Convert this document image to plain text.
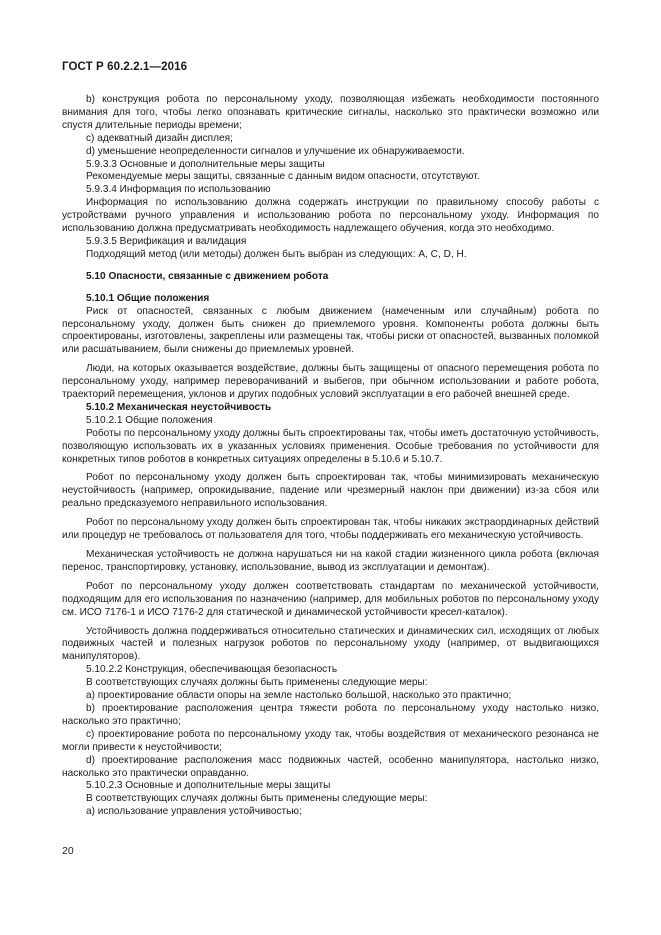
ГОСТ Р 60.2.2.1—2016

b) конструкция робота по персональному уходу, позволяющая избежать необходимости постоянного внимания для того, чтобы легко опознавать критические сигналы, насколько это практически возможно или спустя длительные периоды времени;

c) адекватный дизайн дисплея;

d) уменьшение неопределенности сигналов и улучшение их обнаруживаемости.

5.9.3.3 Основные и дополнительные меры защиты

Рекомендуемые меры защиты, связанные с данным видом опасности, отсутствуют.

5.9.3.4 Информация по использованию

Информация по использованию должна содержать инструкции по правильному способу работы с устройствами ручного управления и использованию робота по персональному уходу. Информация по использованию должна предусматривать необходимость надлежащего обучения, когда это необходимо.

5.9.3.5 Верификация и валидация

Подходящий метод (или методы) должен быть выбран из следующих: А, С, D, Н.

5.10 Опасности, связанные с движением робота

5.10.1 Общие положения

Риск от опасностей, связанных с любым движением (намеченным или случайным) робота по персональному уходу, должен быть снижен до приемлемого уровня. Компоненты робота должны быть спроектированы, изготовлены, закреплены или размещены так, чтобы риски от опасностей, вызванных поломкой или расшатыванием, были снижены до приемлемых уровней.

Люди, на которых оказывается воздействие, должны быть защищены от опасного перемещения робота по персональному уходу, например переворачиваний и выбегов, при обычном использовании и работе робота, траекторий перемещения, уклонов и других подобных условий эксплуатации в его рабочей внешней среде.

5.10.2 Механическая неустойчивость

5.10.2.1 Общие положения

Роботы по персональному уходу должны быть спроектированы так, чтобы иметь достаточную устойчивость, позволяющую использовать их в указанных условиях применения. Особые требования по устойчивости для конкретных типов роботов в конкретных ситуациях определены в 5.10.6 и 5.10.7.

Робот по персональному уходу должен быть спроектирован так, чтобы минимизировать механическую неустойчивость (например, опрокидывание, падение или чрезмерный наклон при движении) из-за сбоя или реально предсказуемого неправильного использования.

Робот по персональному уходу должен быть спроектирован так, чтобы никаких экстраординарных действий или процедур не требовалось от пользователя для того, чтобы поддерживать его механическую устойчивость.

Механическая устойчивость не должна нарушаться ни на какой стадии жизненного цикла робота (включая перенос, транспортировку, установку, использование, вывод из эксплуатации и демонтаж).

Робот по персональному уходу должен соответствовать стандартам по механической устойчивости, подходящим для его использования по назначению (например, для мобильных роботов по персональному уходу см. ИСО 7176-1 и ИСО 7176-2 для статической и динамической устойчивости кресел-каталок).

Устойчивость должна поддерживаться относительно статических и динамических сил, исходящих от любых подвижных частей и полезных нагрузок роботов по персональному уходу (например, от выдвигающихся манипуляторов).

5.10.2.2 Конструкция, обеспечивающая безопасность

В соответствующих случаях должны быть применены следующие меры:

a) проектирование области опоры на земле настолько большой, насколько это практично;

b) проектирование расположения центра тяжести робота по персональному уходу настолько низко, насколько это практично;

c) проектирование робота по персональному уходу так, чтобы воздействия от механического резонанса не могли привести к неустойчивости;

d) проектирование расположения масс подвижных частей, особенно манипулятора, настолько низко, насколько это практически оправданно.

5.10.2.3 Основные и дополнительные меры защиты

В соответствующих случаях должны быть применены следующие меры:

a) использование управления устойчивостью;

20
